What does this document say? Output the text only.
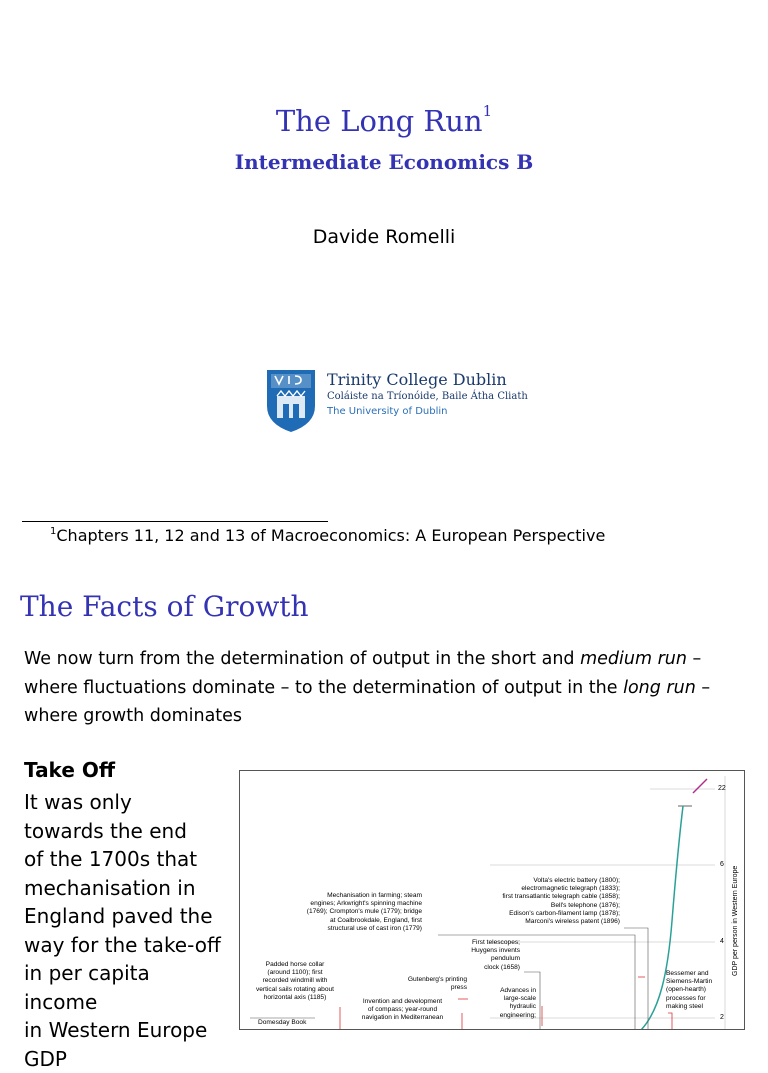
The Long Run$^1$
Intermediate Economics B
Davide Romelli
Trinity College Dublin
Coláiste na Tríonóide, Baile Átha Cliath
The University of Dublin
$^1$Chapters 11, 12 and 13 of Macroeconomics: A European Perspective
The Facts of Growth
We now turn from the determination of output in the short and medium run – where fluctuations dominate – to the determination of output in the long run – where growth dominates
Take Off
It was only
towards the end
of the 1700s that
mechanisation in
England paved the
way for the take-off
in per capita income
in Western Europe
GDP
22
6
4
2
GDP per person in Western Europe
Mechanisation in farming; steam
engines; Arkwright's spinning machine
(1769); Crompton's mule (1779); bridge
at Coalbrookdale, England, first
structural use of cast iron (1779)
Volta's electric battery (1800);
electromagnetic telegraph (1833);
first transatlantic telegraph cable (1858);
Bell's telephone (1876);
Edison's carbon-filament lamp (1878);
Marconi's wireless patent (1896)
First telescopes;
Huygens invents
pendulum
clock (1658)
Padded horse collar
(around 1100); first
recorded windmill with
vertical sails rotating about
horizontal axis (1185)
Gutenberg's printing
press
Invention and development
of compass; year-round
navigation in Mediterranean
Advances in
large-scale
hydraulic
engineering;
Bessemer and
Siemens-Martin
(open-hearth)
processes for
making steel
Domesday Book
